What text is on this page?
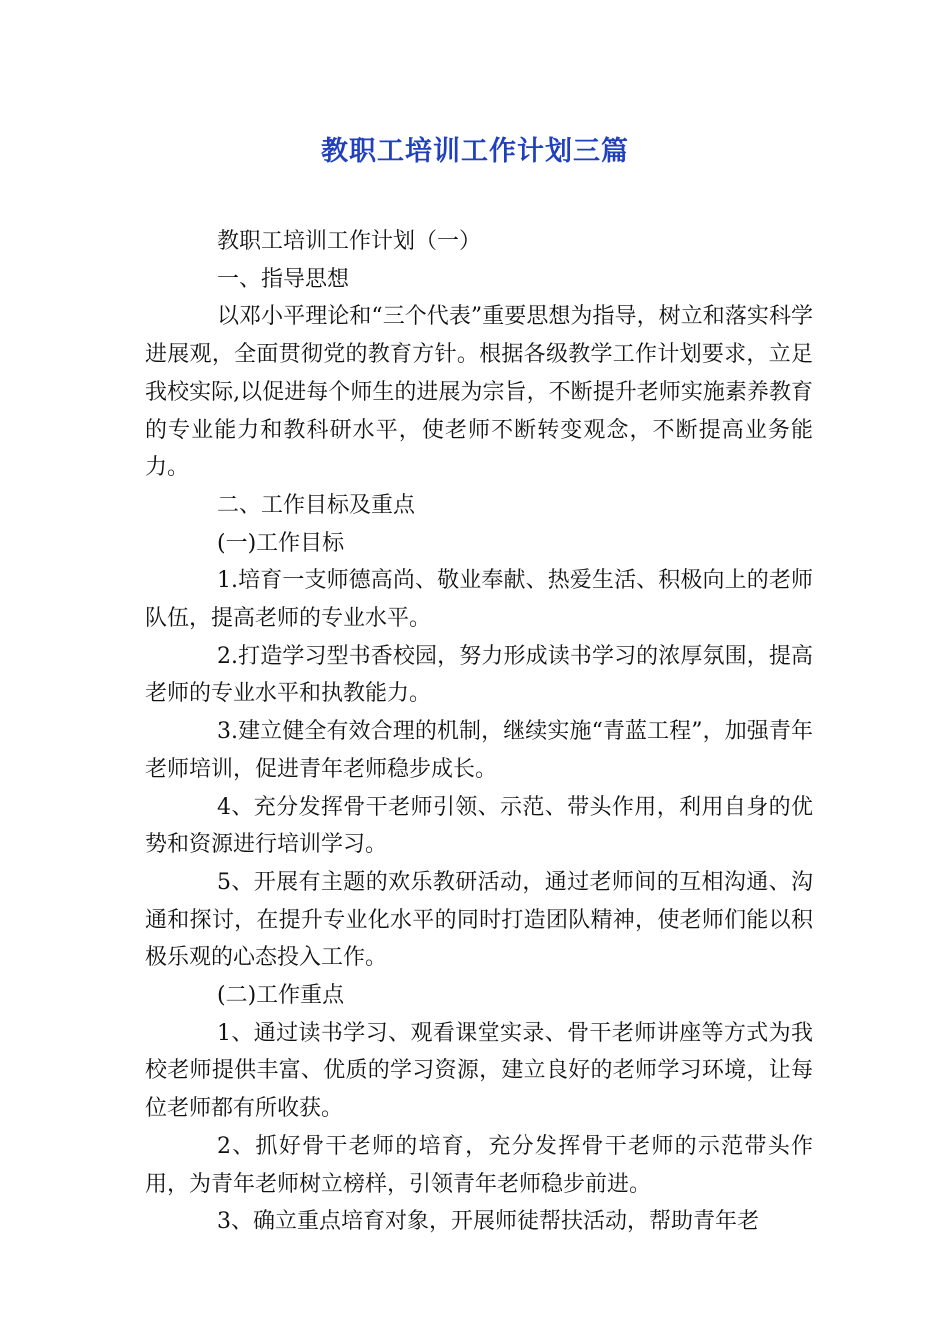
教职工培训工作计划三篇

教职工培训工作计划（一）

一、指导思想

以邓小平理论和“三个代表”重要思想为指导，树立和落实科学进展观，全面贯彻党的教育方针。根据各级教学工作计划要求，立足我校实际,以促进每个师生的进展为宗旨，不断提升老师实施素养教育的专业能力和教科研水平，使老师不断转变观念，不断提高业务能力。

二、工作目标及重点

(一)工作目标

1.培育一支师德高尚、敬业奉献、热爱生活、积极向上的老师队伍，提高老师的专业水平。

2.打造学习型书香校园，努力形成读书学习的浓厚氛围，提高老师的专业水平和执教能力。

3.建立健全有效合理的机制，继续实施“青蓝工程”，加强青年老师培训，促进青年老师稳步成长。

4、充分发挥骨干老师引领、示范、带头作用，利用自身的优势和资源进行培训学习。

5、开展有主题的欢乐教研活动，通过老师间的互相沟通、沟通和探讨，在提升专业化水平的同时打造团队精神，使老师们能以积极乐观的心态投入工作。

(二)工作重点

1、通过读书学习、观看课堂实录、骨干老师讲座等方式为我校老师提供丰富、优质的学习资源，建立良好的老师学习环境，让每位老师都有所收获。

2、抓好骨干老师的培育，充分发挥骨干老师的示范带头作用，为青年老师树立榜样，引领青年老师稳步前进。

3、确立重点培育对象，开展师徒帮扶活动，帮助青年老
